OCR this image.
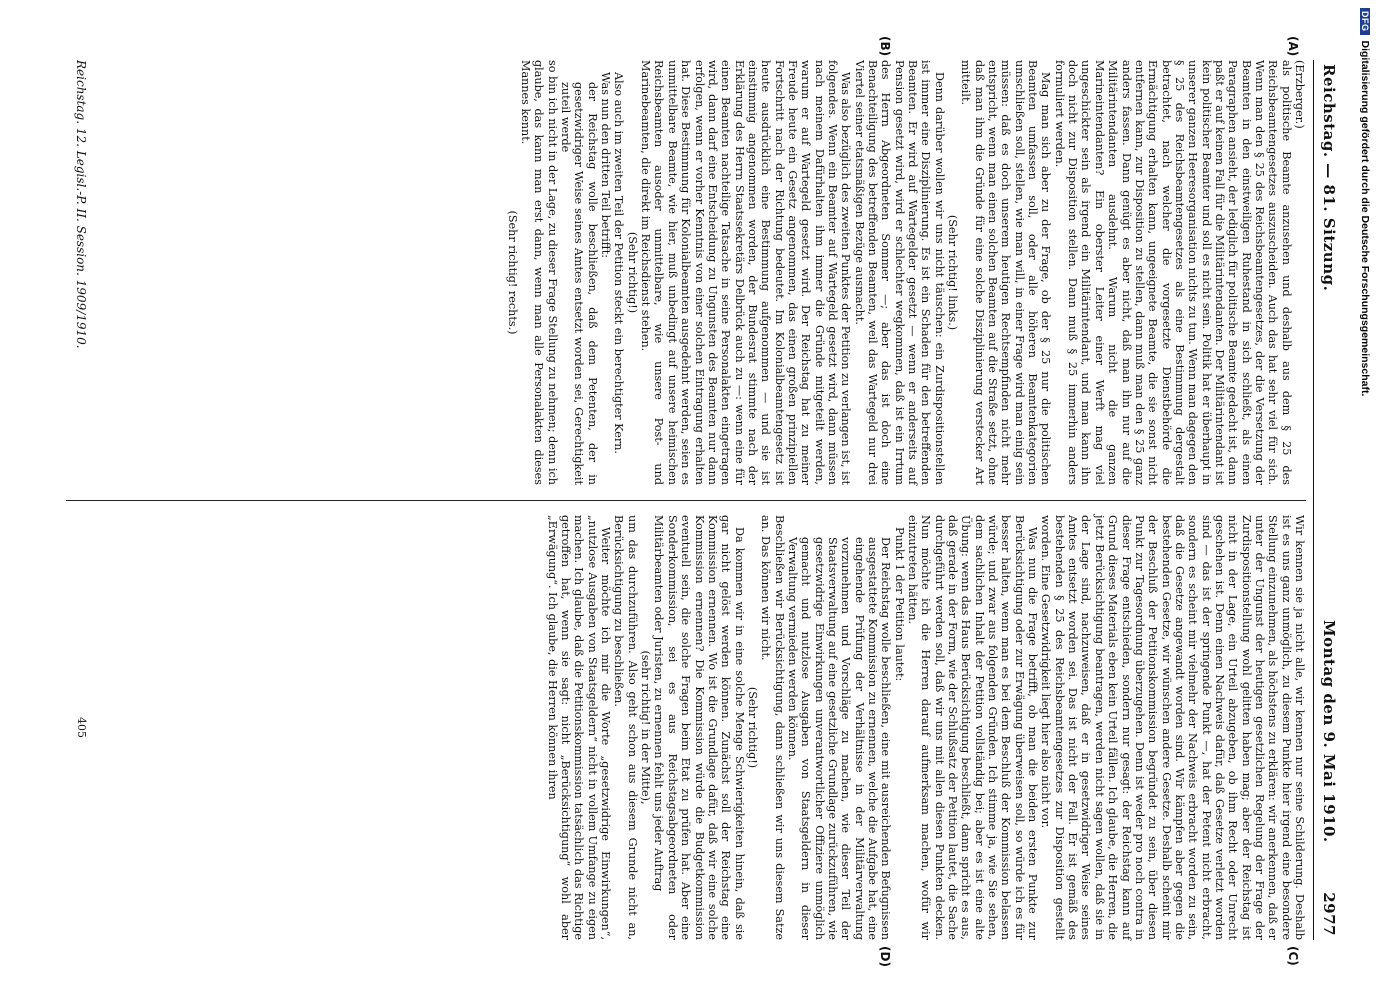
Reichstag. — 81. Sitzung.
Montag den 9. Mai 1910.
2977
(A)
(B)
(C)
(D)

(Erzberger.)

als politische Beamte anzusehen und deshalb aus dem § 25 des Reichsbeamtengesetzes auszuscheiden. Auch das hat sehr viel für sich. Wenn man den § 25 des Reichsbeamtengesetzes, der die Versetzung der Beamten in den einstweiligen Ruhestand in sich schließt, als einen Paragraphen ansieht, der lediglich für politische Beamte gedacht ist, dann paßt er auf keinen Fall für die Militärintendanten. Der Militärintendant ist kein politischer Beamter und soll es nicht sein. Politik hat er überhaupt in unserer ganzen Heeresorganisation nichts zu tun. Wenn man dagegen den § 25 des Reichsbeamtengesetzes als eine Bestimmung dergestalt betrachtet, nach welcher die vorgesetzte Dienstbehörde die Ermächtigung erhalten kann, ungeeignete Beamte, die sie sonst nicht entfernen kann, zur Disposition zu stellen, dann muß man den § 25 ganz anders fassen. Dann genügt es aber nicht, daß man ihn nur auf die Militärintendanten ausdehnt. Warum nicht die ganzen Marineintendanten? Ein oberster Leiter einer Werft mag viel ungeschickter sein als irgend ein Militärintendant, und man kann ihn doch nicht zur Disposition stellen. Dann muß § 25 immerhin anders formuliert werden.

Mag man sich aber zu der Frage, ob der § 25 nur die politischen Beamten umfassen soll, oder alle höheren Beamtenkategorien umschließen soll, stellen, wie man will, in einer Frage wird man einig sein müssen: daß es doch unserem heutigen Rechtsempfinden nicht mehr entspricht, wenn man einen solchen Beamten auf die Straße setzt, ohne daß man ihm die Gründe für eine solche Disziplinierung verstecker Art mitteilt.

(Sehr richtig! links.)

Denn darüber wollen wir uns nicht täuschen: ein Zurdispositionstellen ist immer eine Disziplinierung. Es ist ein Schaden für den betreffenden Beamten. Er wird auf Wartegelder gesetzt — wenn er anderseits auf Pension gesetzt wird, wird er schlechter wegkommen, daß ist ein Irrtum des Herrn Abgeordneten Sommer —; aber das ist doch eine Benachteiligung des betreffenden Beamten, weil das Wartegeld nur drei Viertel seiner etatsmäßigen Bezüge ausmacht.

Was also bezüglich des zweiten Punktes der Petition zu verlangen ist, ist folgendes. Wenn ein Beamter auf Wartegeld gesetzt wird, dann müssen nach meinem Dafürhalten ihm immer die Gründe mitgeteilt werden, warum er auf Wartegeld gesetzt wird. Der Reichstag hat zu meiner Freude heute ein Gesetz angenommen, das einen großen prinzipiellen Fortschritt nach der Richtung bedeutet. Im Kolonialbeamtengesetz ist heute ausdrücklich eine Bestimmung aufgenommen — und sie ist einstimmig angenommen worden, der Bundesrat stimmte nach der Erklärung des Herrn Staatssekretärs Delbrück auch zu —: wenn eine für einen Beamten nachteilige Tatsache in seine Personalakten eingetragen wird, dann darf eine Entscheidung zu Ungunsten des Beamten nur dann erfolgen, wenn er vorher Kenntnis von einer solchen Eintragung erhalten hat. Diese Bestimmung für Kolonialbeamten ausgedehnt werden, seien es unmittelbare Beamte, wie hier, muß unbedingt auf unsere heimischen Reichsbeamten ausoder unmittelbare, wie unsere Post- und Marinebeamten, die direkt im Reichsdienst stehen.

(Sehr richtig!)

Also auch im zweiten Teil der Petition steckt ein berechtigter Kern.

Was nun den dritten Teil betrifft:

der Reichstag wolle beschließen, daß dem Petenten, der in gesetzwidriger Weise seines Amtes entsetzt worden sei, Gerechtigkeit zuteil werde

so bin ich nicht in der Lage, zu dieser Frage Stellung zu nehmen; denn ich glaube, das kann man erst dann, wenn man alle Personalakten dieses Mannes kennt.

(Sehr richtig! rechts.)

Wir kennen sie ja nicht alle, wir kennen nur seine Schilderung. Deshalb ist es uns ganz unmöglich, zu diesem Punkte hier irgend eine besondere Stellung einzunehmen, als höchstens zu erklären: wir anerkennen, daß er unter der Ungunst der heutigen gesetzlichen Regelung der Frage der Zurdispositionstellung wohl gelitten haben mag; aber der Reichstag ist nicht in der Lage, ein Urteil abzugeben, ob ihm Recht oder Unrecht geschehen ist. Denn einen Nachweis dafür, daß Gesetze verletzt worden sind — das ist der springende Punkt —, hat der Petent nicht erbracht, sondern es scheint mir vielmehr der Nachweis erbracht worden zu sein, daß die Gesetze angewandt worden sind. Wir kämpfen aber gegen die bestehenden Gesetze, wir wünschen andere Gesetze. Deshalb scheint mir der Beschluß der Petitionskommission begründet zu sein, über diesen Punkt zur Tagesordnung überzugehen. Denn ist weder pro noch contra in dieser Frage entschieden, sondern nur gesagt: der Reichstag kann auf Grund dieses Materials eben kein Urteil fällen. Ich glaube, die Herren, die jetzt Berücksichtigung beantragen, werden nicht sagen wollen, daß sie in der Lage sind, nachzuweisen, daß er in gesetzwidriger Weise seines Amtes entsetzt worden sei. Das ist nicht der Fall. Er ist gemäß des bestehenden § 25 des Reichsbeamtengesetzes zur Disposition gestellt worden. Eine Gesetzwidrigkeit liegt hier also nicht vor.

Was nun die Frage betrifft, ob man die beiden ersten Punkte zur Berücksichtigung oder zur Erwägung überweisen soll, so würde ich es für besser halten, wenn man es bei dem Beschluß der Kommission belassen würde; und zwar aus folgenden Gründen. Ich stimme ja, wie Sie sehen, dem sachlichen Inhalt der Petition vollständig bei; aber es ist eine alte Übung: wenn das Haus Berücksichtigung beschließt, dann spricht es aus, daß gerade in der Form, wie der Schlußsatz der Petition lautet, die Sache durchgeführt werden soll, daß wir uns mit allen diesen Punkten decken. Nun möchte ich die Herren darauf aufmerksam machen, wofür wir einzutreten hätten.

Punkt 1 der Petition lautet:

Der Reichstag wolle beschließen, eine mit ausreichenden Befugnissen ausgestattete Kommission zu ernennen, welche die Aufgabe hat, eine eingehende Prüfung der Verhältnisse in der Militärverwaltung vorzunehmen und Vorschläge zu machen, wie dieser Teil der Staatsverwaltung auf eine gesetzliche Grundlage zurückzuführen, wie gesetzwidrige Einwirkungen unverantwortlicher Offiziere unmöglich gemacht und nutzlose Ausgaben von Staatsgeldern in dieser Verwaltung vermieden werden können.

Beschließen wir Berücksichtigung, dann schließen wir uns diesem Satze an. Das können wir nicht.

(Sehr richtig!)

Da kommen wir in eine solche Menge Schwierigkeiten hinein, daß sie gar nicht gelöst werden können. Zunächst soll der Reichstag eine Kommission ernennen. Wo ist die Grundlage dafür, daß wir eine solche Kommission ernennen? Die Kommission würde die Budgetkommission eventuell sein, die solche Fragen beim Etat zu prüfen hat. Aber eine Sonderkommission, sei es aus Reichstagsabgeordneten oder Militärbeamten oder Juristen, zu ernennen fehlt uns jeder Auftrag

(sehr richtig! in der Mitte),

um das durchzuführen. Also geht schon aus diesem Grunde nicht an, Berücksichtigung zu beschließen.

Weiter möchte ich mir die Worte „gesetzwidrige Einwirkungen“, „nutzlose Ausgaben von Staatsgeldern“ nicht in vollem Umfange zu eigen machen. Ich glaube, daß die Petitionskommission tatsächlich das Richtige getroffen hat, wenn sie sagt: nicht „Berücksichtigung“ wohl aber „Erwägung“. Ich glaube, die Herren können ihren

Reichstag. 12. Legisl.-P. II. Session. 1909/1910.
405
DFGDigitalisierung gefördert durch die Deutsche Forschungsgemeinschaft.
